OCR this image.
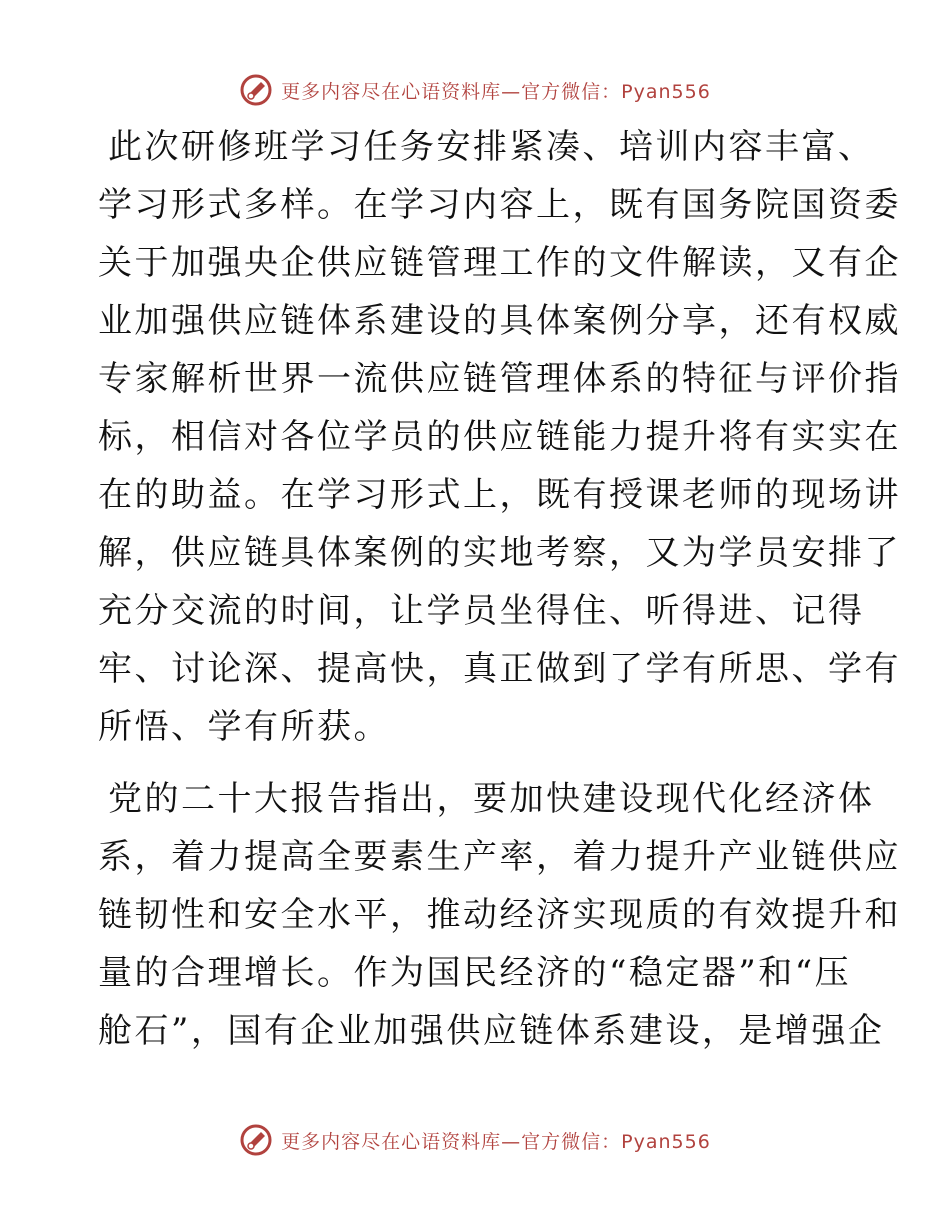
更多内容尽在心语资料库—官方微信：Pyan556
此次研修班学习任务安排紧凑、培训内容丰富、
学习形式多样。在学习内容上，既有国务院国资委
关于加强央企供应链管理工作的文件解读，又有企
业加强供应链体系建设的具体案例分享，还有权威
专家解析世界一流供应链管理体系的特征与评价指
标，相信对各位学员的供应链能力提升将有实实在
在的助益。在学习形式上，既有授课老师的现场讲
解，供应链具体案例的实地考察，又为学员安排了
充分交流的时间，让学员坐得住、听得进、记得
牢、讨论深、提高快，真正做到了学有所思、学有
所悟、学有所获。
党的二十大报告指出，要加快建设现代化经济体
系，着力提高全要素生产率，着力提升产业链供应
链韧性和安全水平，推动经济实现质的有效提升和
量的合理增长。作为国民经济的“稳定器”和“压
舱石”，国有企业加强供应链体系建设，是增强企
更多内容尽在心语资料库—官方微信：Pyan556
